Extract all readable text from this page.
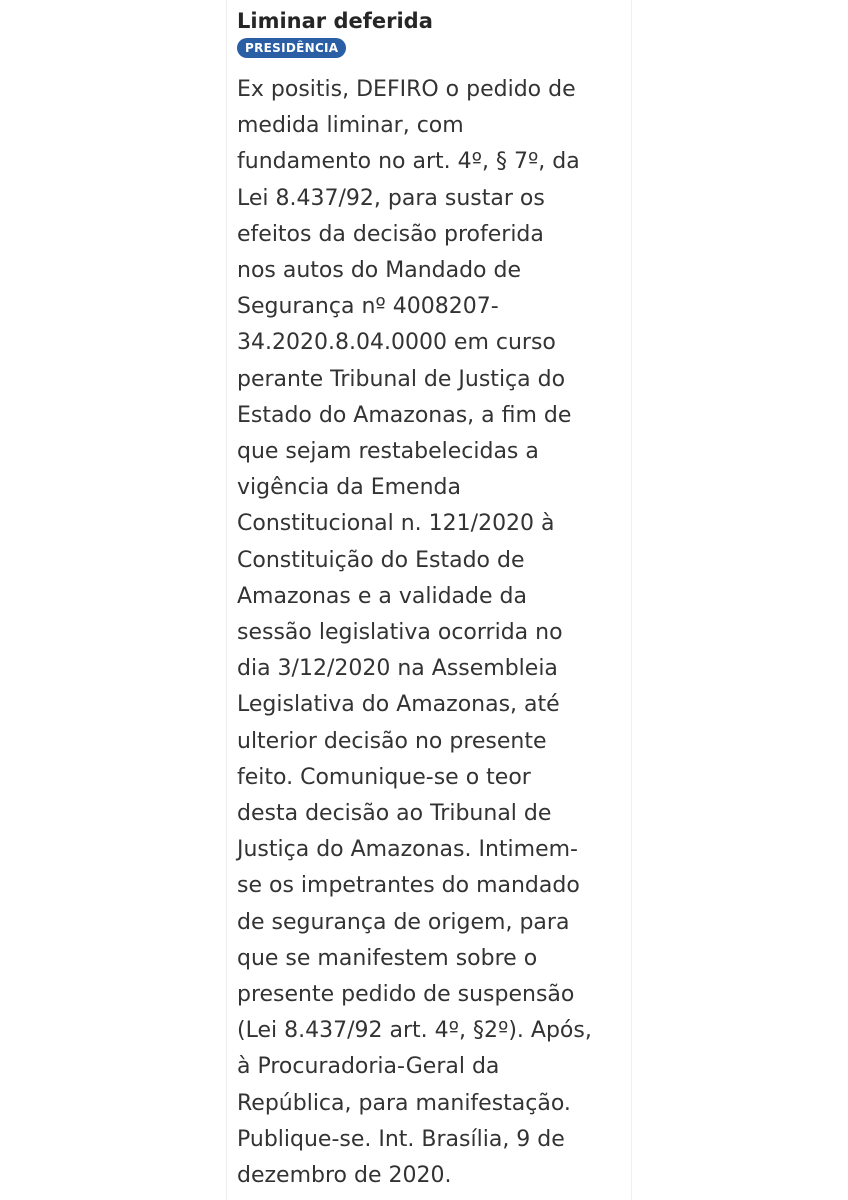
Liminar deferida
PRESIDÊNCIA
Ex positis, DEFIRO o pedido de
medida liminar, com
fundamento no art. 4º, § 7º, da
Lei 8.437/92, para sustar os
efeitos da decisão proferida
nos autos do Mandado de
Segurança nº 4008207-
34.2020.8.04.0000 em curso
perante Tribunal de Justiça do
Estado do Amazonas, a fim de
que sejam restabelecidas a
vigência da Emenda
Constitucional n. 121/2020 à
Constituição do Estado de
Amazonas e a validade da
sessão legislativa ocorrida no
dia 3/12/2020 na Assembleia
Legislativa do Amazonas, até
ulterior decisão no presente
feito. Comunique-se o teor
desta decisão ao Tribunal de
Justiça do Amazonas. Intimem-
se os impetrantes do mandado
de segurança de origem, para
que se manifestem sobre o
presente pedido de suspensão
(Lei 8.437/92 art. 4º, §2º). Após,
à Procuradoria-Geral da
República, para manifestação.
Publique-se. Int. Brasília, 9 de
dezembro de 2020.
